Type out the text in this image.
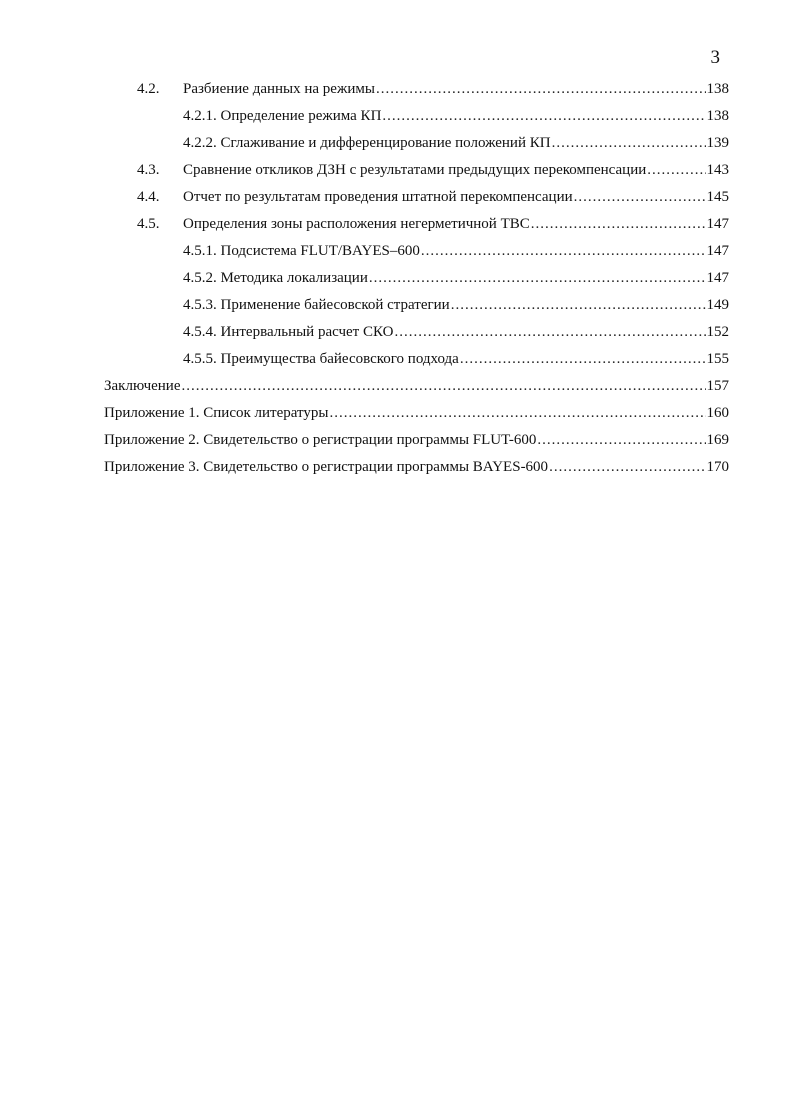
3
4.2.	Разбиение данных на режимы .....	138
4.2.1. Определение режима КП .....	138
4.2.2. Сглаживание и дифференцирование положений КП .....	139
4.3.	Сравнение откликов ДЗН с результатами предыдущих перекомпенсации .....	143
4.4.	Отчет по результатам проведения штатной перекомпенсации .....	145
4.5.	Определения зоны расположения негерметичной ТВС .....	147
4.5.1. Подсистема FLUT/BAYES–600 .....	147
4.5.2. Методика локализации .....	147
4.5.3. Применение байесовской стратегии .....	149
4.5.4. Интервальный расчет СКО .....	152
4.5.5. Преимущества байесовского подхода .....	155
Заключение .....	157
Приложение 1. Список литературы .....	160
Приложение 2. Свидетельство о регистрации программы FLUT-600 .....	169
Приложение 3. Свидетельство о регистрации программы BAYES-600 .....	170
